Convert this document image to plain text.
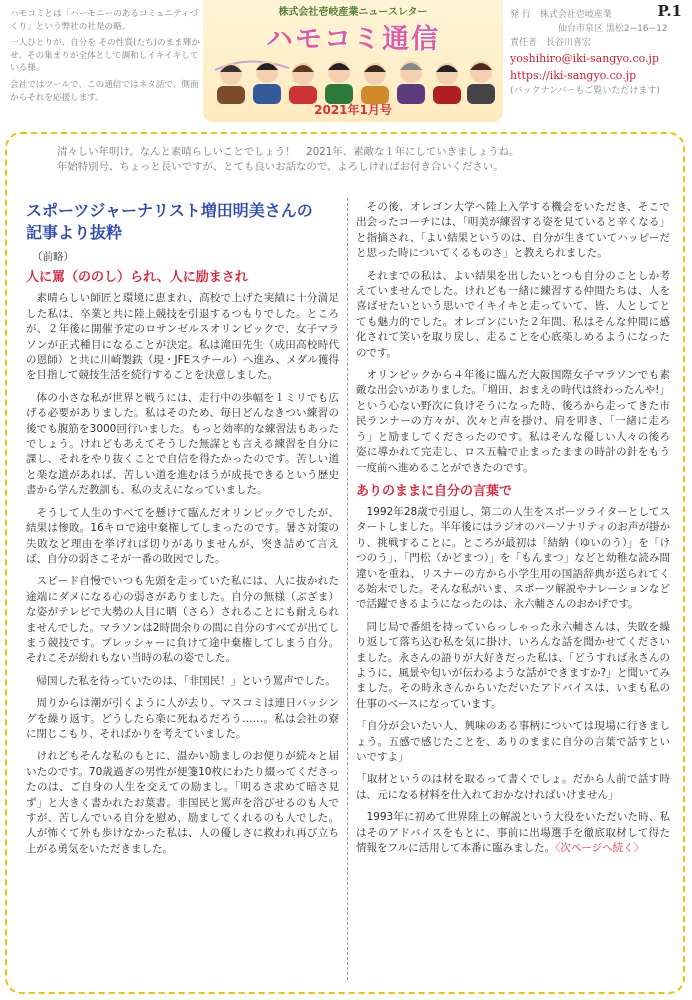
ハモコミとは「ハーモニーのあるコミュニティづくり」という弊社の社是の略。

一人ひとりが、自分を その性質(たち)のまま輝かせ、その集まりが全体として調和しイキイキしている様。

会社ではツールで、この通信ではネタ話で、側面からそれを応援します。

株式会社壱岐産業ニュースレター
ハモコミ通信
2021年1月号
P.1
発 行　 株式会社壱岐産業
仙台市泉区 黒松2−16−12
責任者　 長谷川喜宏
yoshihiro@iki-sangyo.co.jp
https://iki-sangyo.co.jp
(バックナンバーもご覧いただけます)

清々しい年明け。なんと素晴らしいことでしょう！　2021年、素敵な１年にしていきましょうね。

年始特別号、ちょっと長いですが、とても良いお話なので、よろしければお付き合いください。

スポーツジャーナリスト増田明美さんの
記事より抜粋
（前略）
人に罵（ののし）られ、人に励まされ

素晴らしい師匠と環境に恵まれ、高校で上げた実績に十分満足した私は、卒業と共に陸上競技を引退するつもりでした。ところが、２年後に開催予定のロサンゼルスオリンピックで、女子マラソンが正式種目になることが決定。私は滝田先生（成田高校時代の恩師）と共に川崎製鉄（現・JFEスチール）へ進み、メダル獲得を目指して競技生活を続行することを決意しました。

体の小さな私が世界と戦うには、走行中の歩幅を１ミリでも広げる必要がありました。私はそのため、毎日どんなきつい練習の後でも腹筋を3000回行いました。もっと効率的な練習法もあったでしょう。けれどもあえてそうした無謀とも言える練習を自分に課し、それをやり抜くことで自信を得たかったのです。苦しい道と楽な道があれば、苦しい道を進むほうが成長できるという歴史書から学んだ教訓も、私の支えになっていました。

そうして人生のすべてを懸けて臨んだオリンピックでしたが、結果は惨敗。16キロで途中棄権してしまったのです。暑さ対策の失敗など理由を挙げれば切りがありませんが、突き詰めて言えば、自分の弱さこそが一番の敗因でした。

スピード自慢でいつも先頭を走っていた私には、人に抜かれた途端にダメになる心の弱さがありました。自分の無様（ぶざま）な姿がテレビで大勢の人目に晒（さら）されることにも耐えられませんでした。マラソンは2時間余りの間に自分のすべてが出てしまう競技です。プレッシャーに負けて途中棄権してしまう自分。それこそが紛れもない当時の私の姿でした。

帰国した私を待っていたのは、「非国民！」という罵声でした。

周りからは潮が引くように人が去り、マスコミは連日バッシングを繰り返す。どうしたら楽に死ねるだろう……。私は会社の寮に閉じこもり、そればかりを考えていました。

けれどもそんな私のもとに、温かい励ましのお便りが続々と届いたのです。70歳過ぎの男性が便箋10枚にわたり綴ってくださったのは、ご自身の人生を交えての励まし。「明るさ求めて暗さ見ず」と大きく書かれたお葉書。非国民と罵声を浴びせるのも人ですが、苦しんでいる自分を慰め、励ましてくれるのも人でした。人が怖くて外も歩けなかった私は、人の優しさに救われ再び立ち上がる勇気をいただきました。

その後、オレゴン大学へ陸上入学する機会をいただき、そこで出会ったコーチには、「明美が練習する姿を見ていると辛くなる」と指摘され、「よい結果というのは、自分が生きていてハッピーだと思った時についてくるものさ」と教えられました。

それまでの私は、よい結果を出したいとつも自分のことしか考えていませんでした。けれども一緒に練習する仲間たちは、人を喜ばせたいという思いでイキイキと走っていて、皆、人としてとても魅力的でした。オレゴンにいた２年間、私はそんな仲間に感化されて笑いを取り戻し、走ることを心底楽しめるようになったのです。

オリンピックから４年後に臨んだ大阪国際女子マラソンでも素敵な出会いがありました。「増田、おまえの時代は終わったんや!」という心ない野次に負けそうになった時、後ろから走ってきた市民ランナーの方々が、次々と声を掛け、肩を叩き、「一緒に走ろう」と励ましてくださったのです。私はそんな優しい人々の後ろ姿に導かれて完走し、ロス五輪で止まったままの時計の針をもう一度前へ進めることができたのです。

ありのままに自分の言葉で

1992年28歳で引退し、第二の人生をスポーツライターとしてスタートしました。半年後にはラジオのパーソナリティのお声が掛かり、挑戦することに。ところが最初は「結納（ゆいのう）」を「けつのう」、「門松（かどまつ）」を「もんまつ」などと幼稚な読み間違いを重ね、リスナーの方から小学生用の国語辞典が送られてくる始末でした。そんな私がいま、スポーツ解説やナレーションなどで活躍できるようになったのは、永六輔さんのおかげです。

同じ局で番組を持っていらっしゃった永六輔さんは、失敗を繰り返して落ち込む私を気に掛け、いろんな話を聞かせてくださいました。永さんの語りが大好きだった私は、「どうすれば永さんのように、風景や匂いが伝わるような話ができますか?」と聞いてみました。その時永さんからいただいたアドバイスは、いまも私の仕事のベースになっています。

「自分が会いたい人、興味のある事柄については現場に行きましょう。五感で感じたことを、ありのままに自分の言葉で話すといいですよ」

「取材というのは材を取るって書くでしょ。だから人前で話す時は、元になる材料を仕入れておかなければいけません」

1993年に初めて世界陸上の解説という大役をいただいた時、私はそのアドバイスをもとに、事前に出場選手を徹底取材して得た情報をフルに活用して本番に臨みました。〈次ページへ続く〉
